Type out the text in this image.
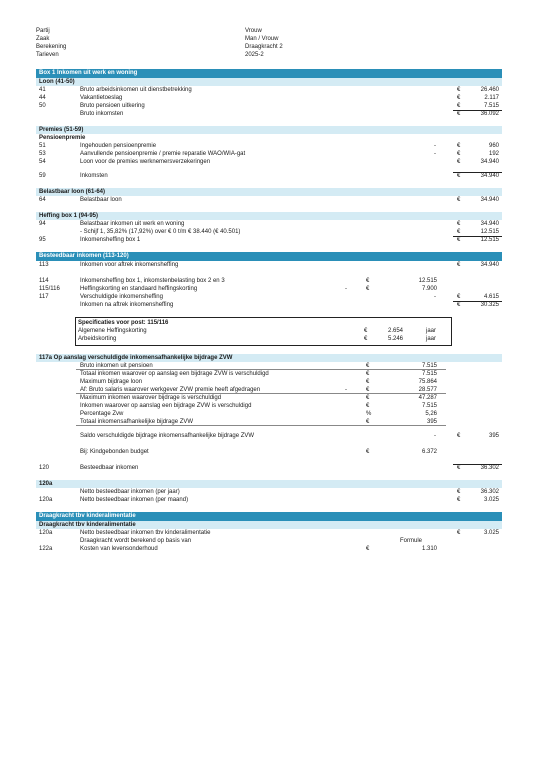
Partij	Vrouw
Zaak	Man / Vrouw
Berekening	Draagkracht 2
Tarieven	2025-2
Box 1 Inkomen uit werk en woning
Loon (41-50)
41	Bruto arbeidsinkomen uit dienstbetrekking	€	26.460
44	Vakantietoeslag	€	2.117
50	Bruto pensioen uitkering	€	7.515
Bruto inkomsten	€	36.092
Premies (51-59)
Pensioenpremie
51	Ingehouden pensioenpremie	-	€	960
53	Aanvullende pensioenpremie / premie reparatie WAO/WIA-gat	-	€	192
54	Loon voor de premies werknemersverzekeringen	€	34.940
59	Inkomsten	€	34.940
Belastbaar loon (61-64)
64	Belastbaar loon	€	34.940
Heffing box 1 (94-95)
94	Belastbaar inkomen uit werk en woning	€	34.940
- Schijf 1, 35,82% (17,92%) over € 0 t/m € 38.440 (€ 40.501)	€	12.515
95	Inkomensheffing box 1	€	12.515
Besteedbaar inkomen (113-120)
113	Inkomen voor aftrek inkomensheffing	€	34.940
114	Inkomensheffing box 1, inkomstenbelasting box 2 en 3	€	12.515
115/116	Heffingskorting en standaard heffingskorting	-	€	7.900
117	Verschuldigde inkomensheffing	-	€	4.615
Inkomen na aftrek inkomensheffing	€	30.325
Specificaties voor post: 115/116
Algemene Heffingskorting	€	2.654	jaar
Arbeidskorting	€	5.246	jaar
117a Op aanslag verschuldigde inkomensafhankelijke bijdrage ZVW
Bruto inkomen uit pensioen	€	7.515
Totaal inkomen waarover op aanslag een bijdrage ZVW is verschuldigd	€	7.515
Maximum bijdrage loon	€	75.864
Af: Bruto salaris waarover werkgever ZVW premie heeft afgedragen	-	€	28.577
Maximum inkomen waarover bijdrage is verschuldigd	€	47.287
Inkomen waarover op aanslag een bijdrage ZVW is verschuldigd	€	7.515
Percentage Zvw	%	5,26
Totaal inkomensafhankelijke bijdrage ZVW	€	395
Saldo verschuldigde bijdrage inkomensafhankelijke bijdrage ZVW	-	€	395
Bij: Kindgebonden budget	€	6.372
120	Besteedbaar inkomen	€	36.302
120a
Netto besteedbaar inkomen (per jaar)	€	36.302
120a	Netto besteedbaar inkomen (per maand)	€	3.025
Draagkracht tbv kinderalimentatie
Draagkracht tbv kinderalimentatie
120a	Netto besteedbaar inkomen tbv kinderalimentatie	€	3.025
Draagkracht wordt berekend op basis van	Formule
122a	Kosten van levensonderhoud	€	1.310
